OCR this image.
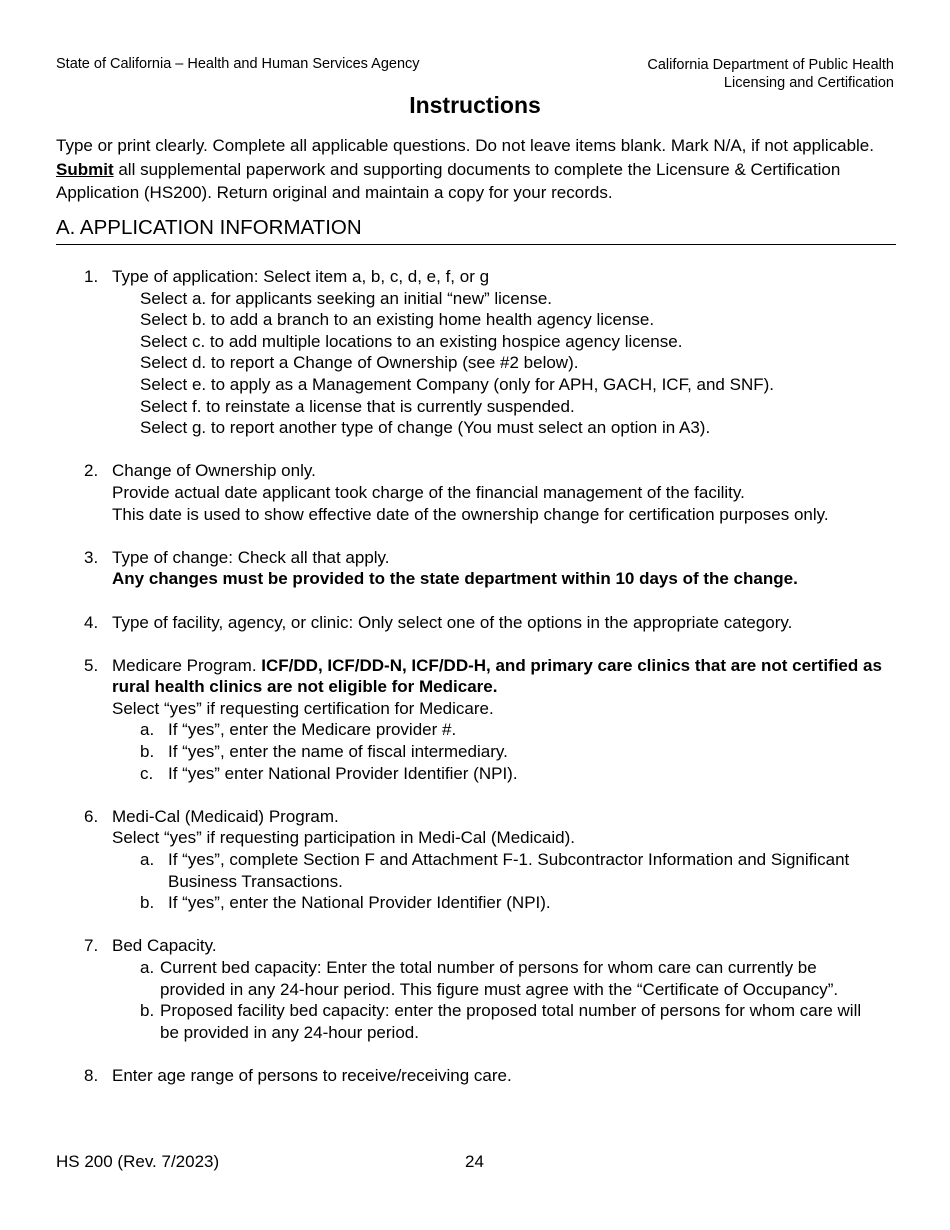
State of California – Health and Human Services Agency	California Department of Public Health
Licensing and Certification
Instructions
Type or print clearly. Complete all applicable questions. Do not leave items blank. Mark N/A, if not applicable. Submit all supplemental paperwork and supporting documents to complete the Licensure & Certification Application (HS200). Return original and maintain a copy for your records.
A. APPLICATION INFORMATION
1. Type of application: Select item a, b, c, d, e, f, or g
Select a. for applicants seeking an initial “new” license.
Select b. to add a branch to an existing home health agency license.
Select c. to add multiple locations to an existing hospice agency license.
Select d. to report a Change of Ownership (see #2 below).
Select e. to apply as a Management Company (only for APH, GACH, ICF, and SNF).
Select f. to reinstate a license that is currently suspended.
Select g. to report another type of change (You must select an option in A3).
2. Change of Ownership only.
Provide actual date applicant took charge of the financial management of the facility.
This date is used to show effective date of the ownership change for certification purposes only.
3. Type of change: Check all that apply.
Any changes must be provided to the state department within 10 days of the change.
4. Type of facility, agency, or clinic: Only select one of the options in the appropriate category.
5. Medicare Program. ICF/DD, ICF/DD-N, ICF/DD-H, and primary care clinics that are not certified as rural health clinics are not eligible for Medicare.
Select “yes” if requesting certification for Medicare.
a. If “yes”, enter the Medicare provider #.
b. If “yes”, enter the name of fiscal intermediary.
c. If “yes” enter National Provider Identifier (NPI).
6. Medi-Cal (Medicaid) Program.
Select “yes” if requesting participation in Medi-Cal (Medicaid).
a. If “yes”, complete Section F and Attachment F-1. Subcontractor Information and Significant Business Transactions.
b. If “yes”, enter the National Provider Identifier (NPI).
7. Bed Capacity.
a. Current bed capacity: Enter the total number of persons for whom care can currently be provided in any 24-hour period. This figure must agree with the “Certificate of Occupancy”.
b. Proposed facility bed capacity: enter the proposed total number of persons for whom care will be provided in any 24-hour period.
8. Enter age range of persons to receive/receiving care.
HS 200 (Rev. 7/2023)	24
